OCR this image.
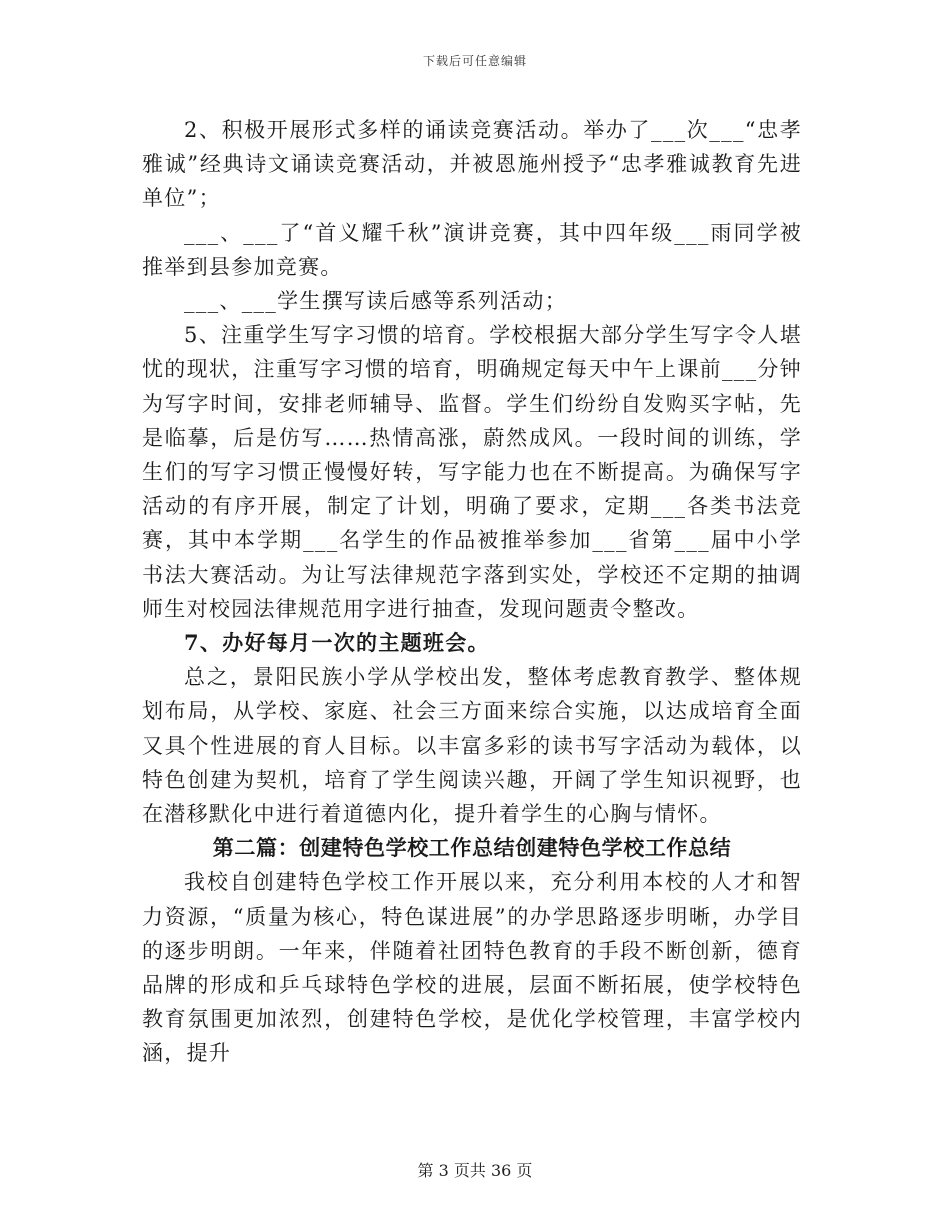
下载后可任意编辑

2、积极开展形式多样的诵读竞赛活动。举办了___次___“忠孝雅诚”经典诗文诵读竞赛活动，并被恩施州授予“忠孝雅诚教育先进单位”；

___、___了“首义耀千秋”演讲竞赛，其中四年级___雨同学被推举到县参加竞赛。

___、___学生撰写读后感等系列活动；

5、注重学生写字习惯的培育。学校根据大部分学生写字令人堪忧的现状，注重写字习惯的培育，明确规定每天中午上课前___分钟为写字时间，安排老师辅导、监督。学生们纷纷自发购买字帖，先是临摹，后是仿写……热情高涨，蔚然成风。一段时间的训练，学生们的写字习惯正慢慢好转，写字能力也在不断提高。为确保写字活动的有序开展，制定了计划，明确了要求，定期___各类书法竞赛，其中本学期___名学生的作品被推举参加___省第___届中小学书法大赛活动。为让写法律规范字落到实处，学校还不定期的抽调师生对校园法律规范用字进行抽查，发现问题责令整改。

7、办好每月一次的主题班会。

总之，景阳民族小学从学校出发，整体考虑教育教学、整体规划布局，从学校、家庭、社会三方面来综合实施，以达成培育全面又具个性进展的育人目标。以丰富多彩的读书写字活动为载体，以特色创建为契机，培育了学生阅读兴趣，开阔了学生知识视野，也在潜移默化中进行着道德内化，提升着学生的心胸与情怀。

第二篇：创建特色学校工作总结创建特色学校工作总结

我校自创建特色学校工作开展以来，充分利用本校的人才和智力资源，“质量为核心，特色谋进展”的办学思路逐步明晰，办学目的逐步明朗。一年来，伴随着社团特色教育的手段不断创新，德育品牌的形成和乒乓球特色学校的进展，层面不断拓展，使学校特色教育氛围更加浓烈，创建特色学校，是优化学校管理，丰富学校内涵，提升

第 3 页共 36 页
